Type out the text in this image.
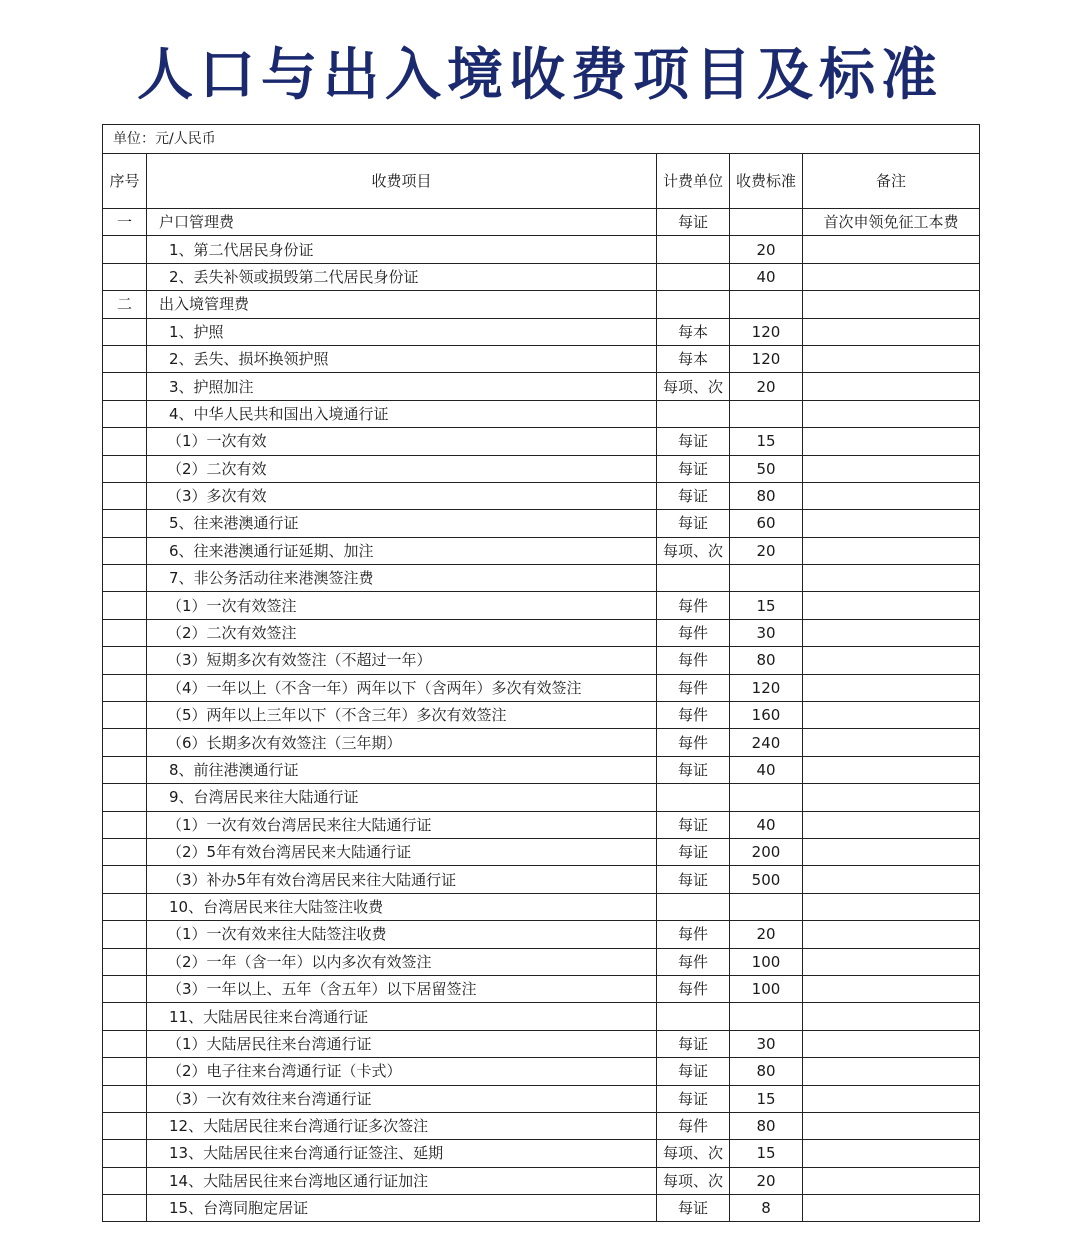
人口与出入境收费项目及标准
单位：元/人民币				
序号	收费项目	计费单位	收费标准	备注
一	户口管理费	每证		首次申领免征工本费
	1、第二代居民身份证		20	
	2、丢失补领或损毁第二代居民身份证		40	
二	出入境管理费			
	1、护照	每本	120	
	2、丢失、损坏换领护照	每本	120	
	3、护照加注	每项、次	20	
	4、中华人民共和国出入境通行证			
	（1）一次有效	每证	15	
	（2）二次有效	每证	50	
	（3）多次有效	每证	80	
	5、往来港澳通行证	每证	60	
	6、往来港澳通行证延期、加注	每项、次	20	
	7、非公务活动往来港澳签注费			
	（1）一次有效签注	每件	15	
	（2）二次有效签注	每件	30	
	（3）短期多次有效签注（不超过一年）	每件	80	
	（4）一年以上（不含一年）两年以下（含两年）多次有效签注	每件	120	
	（5）两年以上三年以下（不含三年）多次有效签注	每件	160	
	（6）长期多次有效签注（三年期）	每件	240	
	8、前往港澳通行证	每证	40	
	9、台湾居民来往大陆通行证			
	（1）一次有效台湾居民来往大陆通行证	每证	40	
	（2）5年有效台湾居民来大陆通行证	每证	200	
	（3）补办5年有效台湾居民来往大陆通行证	每证	500	
	10、台湾居民来往大陆签注收费			
	（1）一次有效来往大陆签注收费	每件	20	
	（2）一年（含一年）以内多次有效签注	每件	100	
	（3）一年以上、五年（含五年）以下居留签注	每件	100	
	11、大陆居民往来台湾通行证			
	（1）大陆居民往来台湾通行证	每证	30	
	（2）电子往来台湾通行证（卡式）	每证	80	
	（3）一次有效往来台湾通行证	每证	15	
	12、大陆居民往来台湾通行证多次签注	每件	80	
	13、大陆居民往来台湾通行证签注、延期	每项、次	15	
	14、大陆居民往来台湾地区通行证加注	每项、次	20	
	15、台湾同胞定居证	每证	8	
